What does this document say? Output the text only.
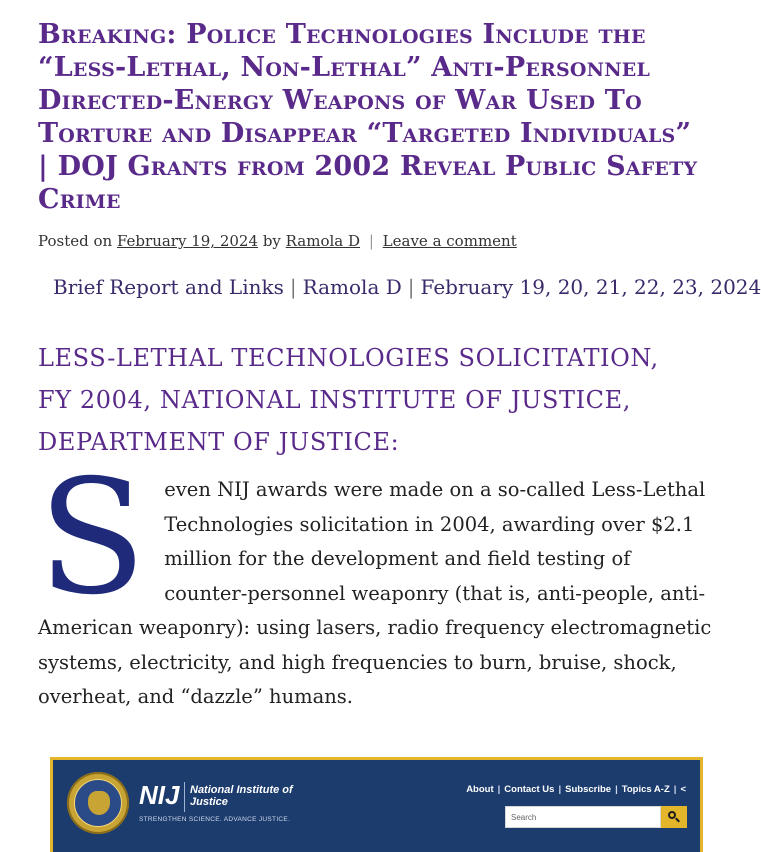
Breaking: Police Technologies Include the “Less-Lethal, Non-Lethal” Anti-Personnel Directed-Energy Weapons of War Used To Torture and Disappear “Targeted Individuals” | DOJ Grants from 2002 Reveal Public Safety Crime
Posted on February 19, 2024 by Ramola D | Leave a comment
Brief Report and Links | Ramola D | February 19, 20, 21, 22, 23, 2024
LESS-LETHAL TECHNOLOGIES SOLICITATION, FY 2004, NATIONAL INSTITUTE OF JUSTICE, DEPARTMENT OF JUSTICE:

S even NIJ awards were made on a so-called Less-Lethal Technologies solicitation in 2004, awarding over $2.1 million for the development and field testing of counter-personnel weaponry (that is, anti-people, anti-American weaponry): using lasers, radio frequency electromagnetic systems, electricity, and high frequencies to burn, bruise, shock, overheat, and “dazzle” humans.

NIJ National Institute of Justice
STRENGTHEN SCIENCE. ADVANCE JUSTICE.
About | Contact Us | Subscribe | Topics A-Z | <
Search
